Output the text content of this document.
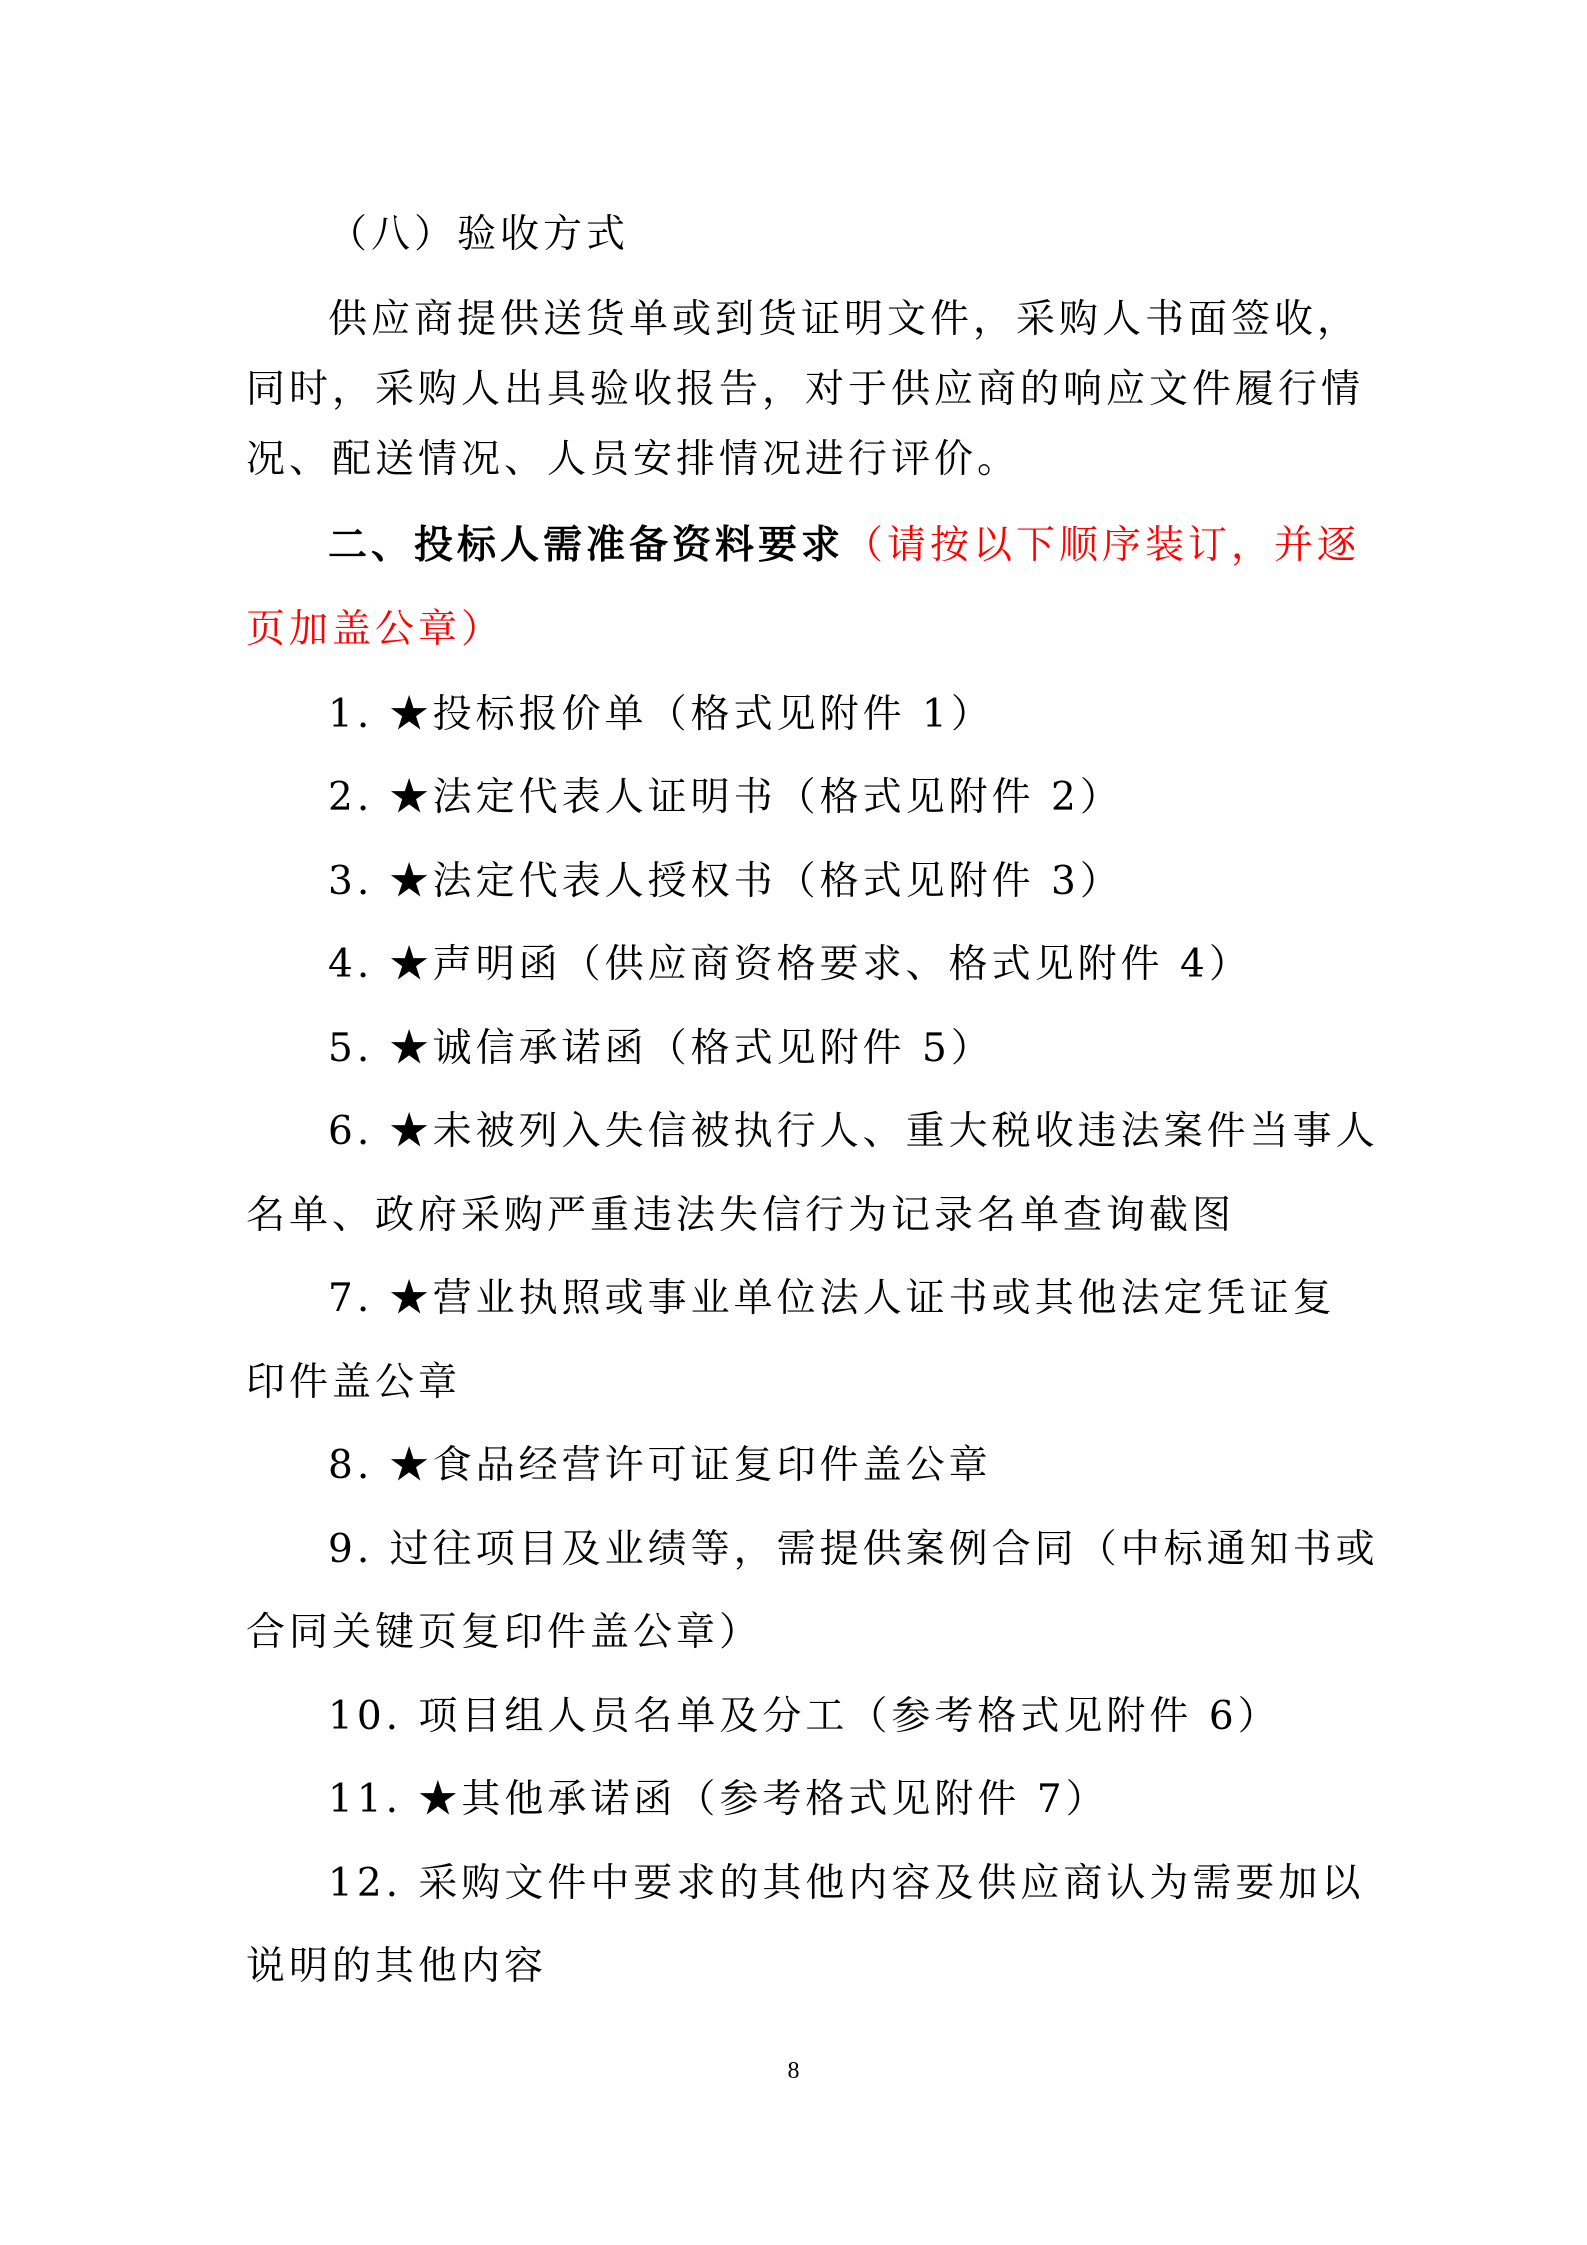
（八）验收方式
供应商提供送货单或到货证明文件，采购人书面签收，
同时，采购人出具验收报告，对于供应商的响应文件履行情
况、配送情况、人员安排情况进行评价。
二、投标人需准备资料要求（请按以下顺序装订，并逐
页加盖公章）
1. ★投标报价单（格式见附件 1）
2. ★法定代表人证明书（格式见附件 2）
3. ★法定代表人授权书（格式见附件 3）
4. ★声明函（供应商资格要求、格式见附件 4）
5. ★诚信承诺函（格式见附件 5）
6. ★未被列入失信被执行人、重大税收违法案件当事人
名单、政府采购严重违法失信行为记录名单查询截图
7. ★营业执照或事业单位法人证书或其他法定凭证复
印件盖公章
8. ★食品经营许可证复印件盖公章
9. 过往项目及业绩等，需提供案例合同（中标通知书或
合同关键页复印件盖公章）
10. 项目组人员名单及分工（参考格式见附件 6）
11. ★其他承诺函（参考格式见附件 7）
12. 采购文件中要求的其他内容及供应商认为需要加以
说明的其他内容
8
